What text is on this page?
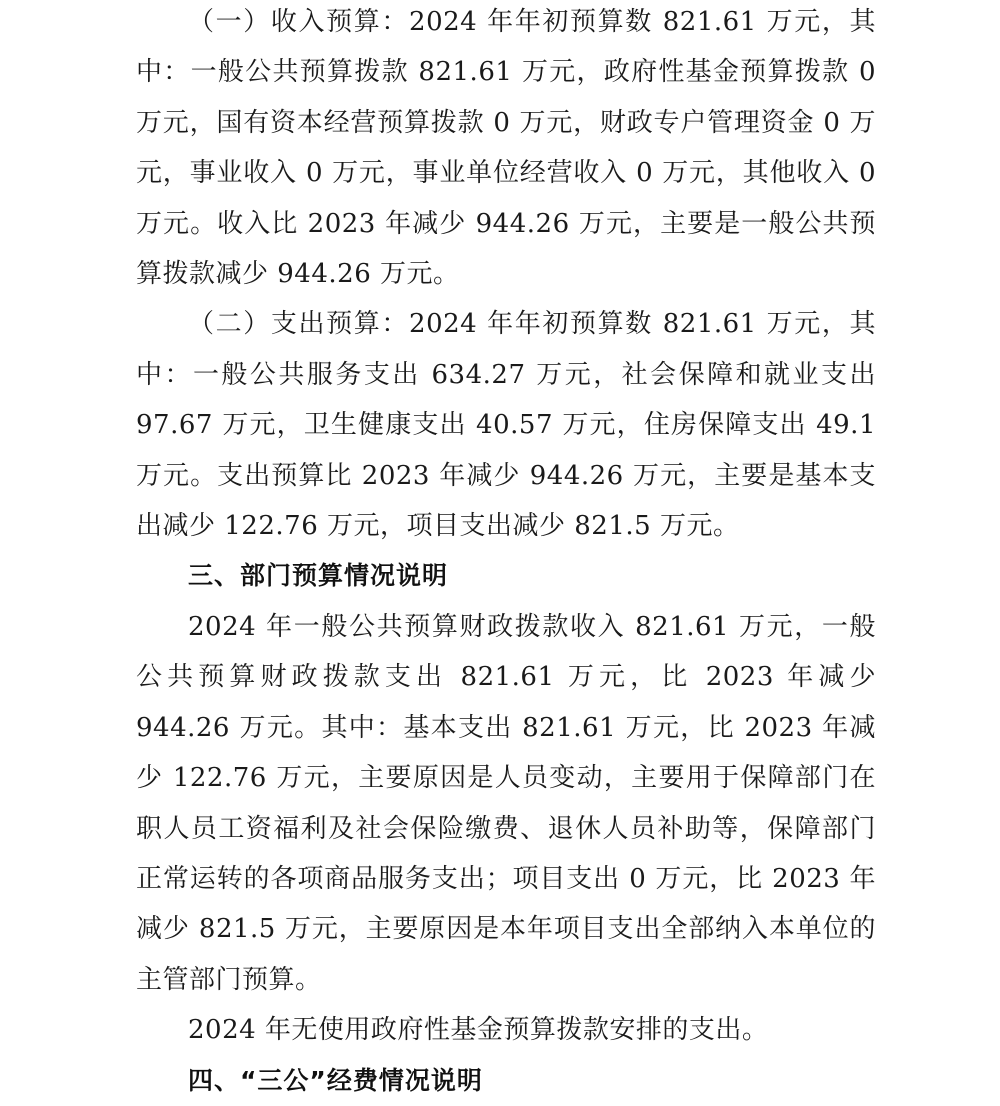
（一）收入预算：2024 年年初预算数 821.61 万元，其中：一般公共预算拨款 821.61 万元，政府性基金预算拨款 0 万元，国有资本经营预算拨款 0 万元，财政专户管理资金 0 万元，事业收入 0 万元，事业单位经营收入 0 万元，其他收入 0 万元。收入比 2023 年减少 944.26 万元，主要是一般公共预算拨款减少 944.26 万元。

（二）支出预算：2024 年年初预算数 821.61 万元，其中：一般公共服务支出 634.27 万元，社会保障和就业支出 97.67 万元，卫生健康支出 40.57 万元，住房保障支出 49.1 万元。支出预算比 2023 年减少 944.26 万元，主要是基本支出减少 122.76 万元，项目支出减少 821.5 万元。

三、部门预算情况说明

2024 年一般公共预算财政拨款收入 821.61 万元，一般公共预算财政拨款支出 821.61 万元，比 2023 年减少 944.26 万元。其中：基本支出 821.61 万元，比 2023 年减少 122.76 万元，主要原因是人员变动，主要用于保障部门在职人员工资福利及社会保险缴费、退休人员补助等，保障部门正常运转的各项商品服务支出；项目支出 0 万元，比 2023 年减少 821.5 万元，主要原因是本年项目支出全部纳入本单位的主管部门预算。

2024 年无使用政府性基金预算拨款安排的支出。

四、“三公”经费情况说明
